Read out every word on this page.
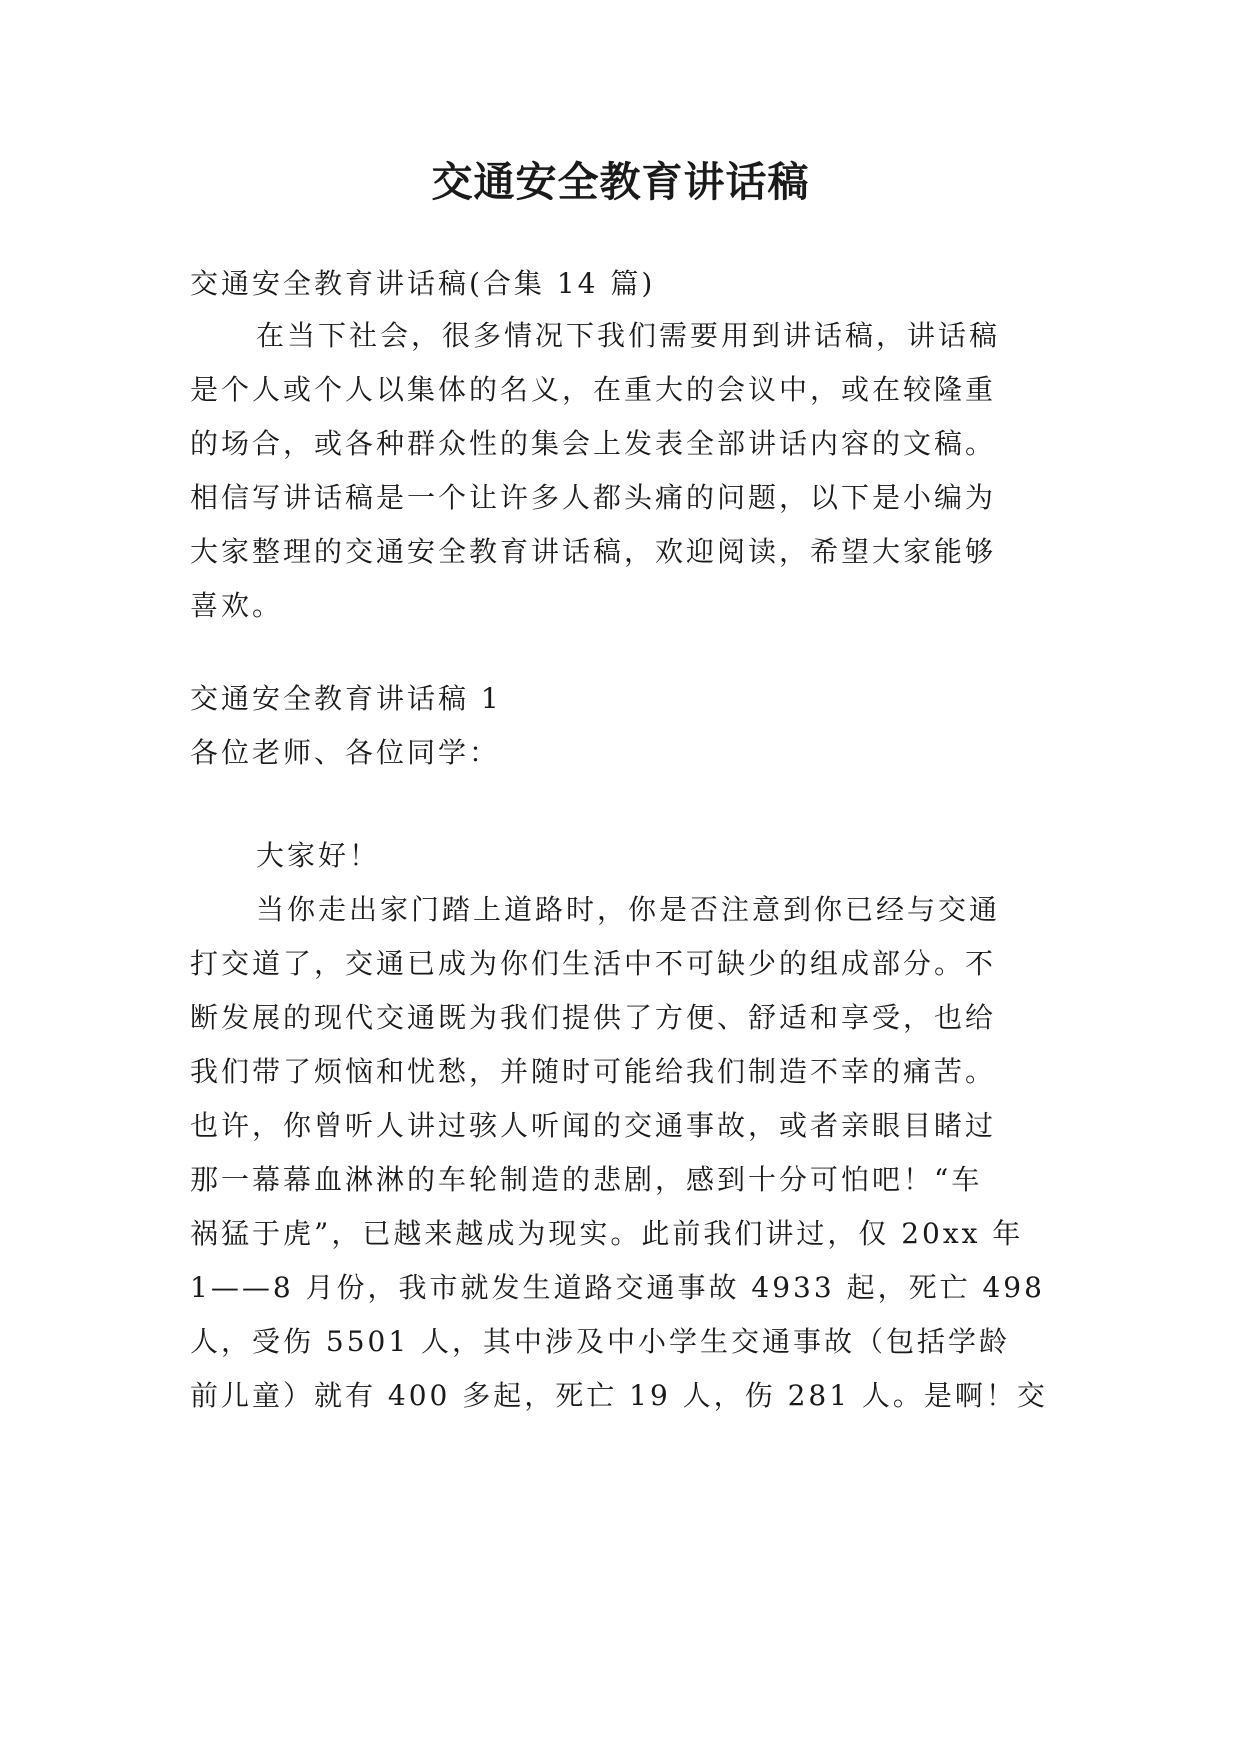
交通安全教育讲话稿
交通安全教育讲话稿(合集 14 篇)
在当下社会，很多情况下我们需要用到讲话稿，讲话稿
是个人或个人以集体的名义，在重大的会议中，或在较隆重
的场合，或各种群众性的集会上发表全部讲话内容的文稿。
相信写讲话稿是一个让许多人都头痛的问题，以下是小编为
大家整理的交通安全教育讲话稿，欢迎阅读，希望大家能够
喜欢。
交通安全教育讲话稿 1
各位老师、各位同学：
大家好！
当你走出家门踏上道路时，你是否注意到你已经与交通
打交道了，交通已成为你们生活中不可缺少的组成部分。不
断发展的现代交通既为我们提供了方便、舒适和享受，也给
我们带了烦恼和忧愁，并随时可能给我们制造不幸的痛苦。
也许，你曾听人讲过骇人听闻的交通事故，或者亲眼目睹过
那一幕幕血淋淋的车轮制造的悲剧，感到十分可怕吧！“车
祸猛于虎”，已越来越成为现实。此前我们讲过，仅 20xx 年
1——8 月份，我市就发生道路交通事故 4933 起，死亡 498
人，受伤 5501 人，其中涉及中小学生交通事故（包括学龄
前儿童）就有 400 多起，死亡 19 人，伤 281 人。是啊！交
